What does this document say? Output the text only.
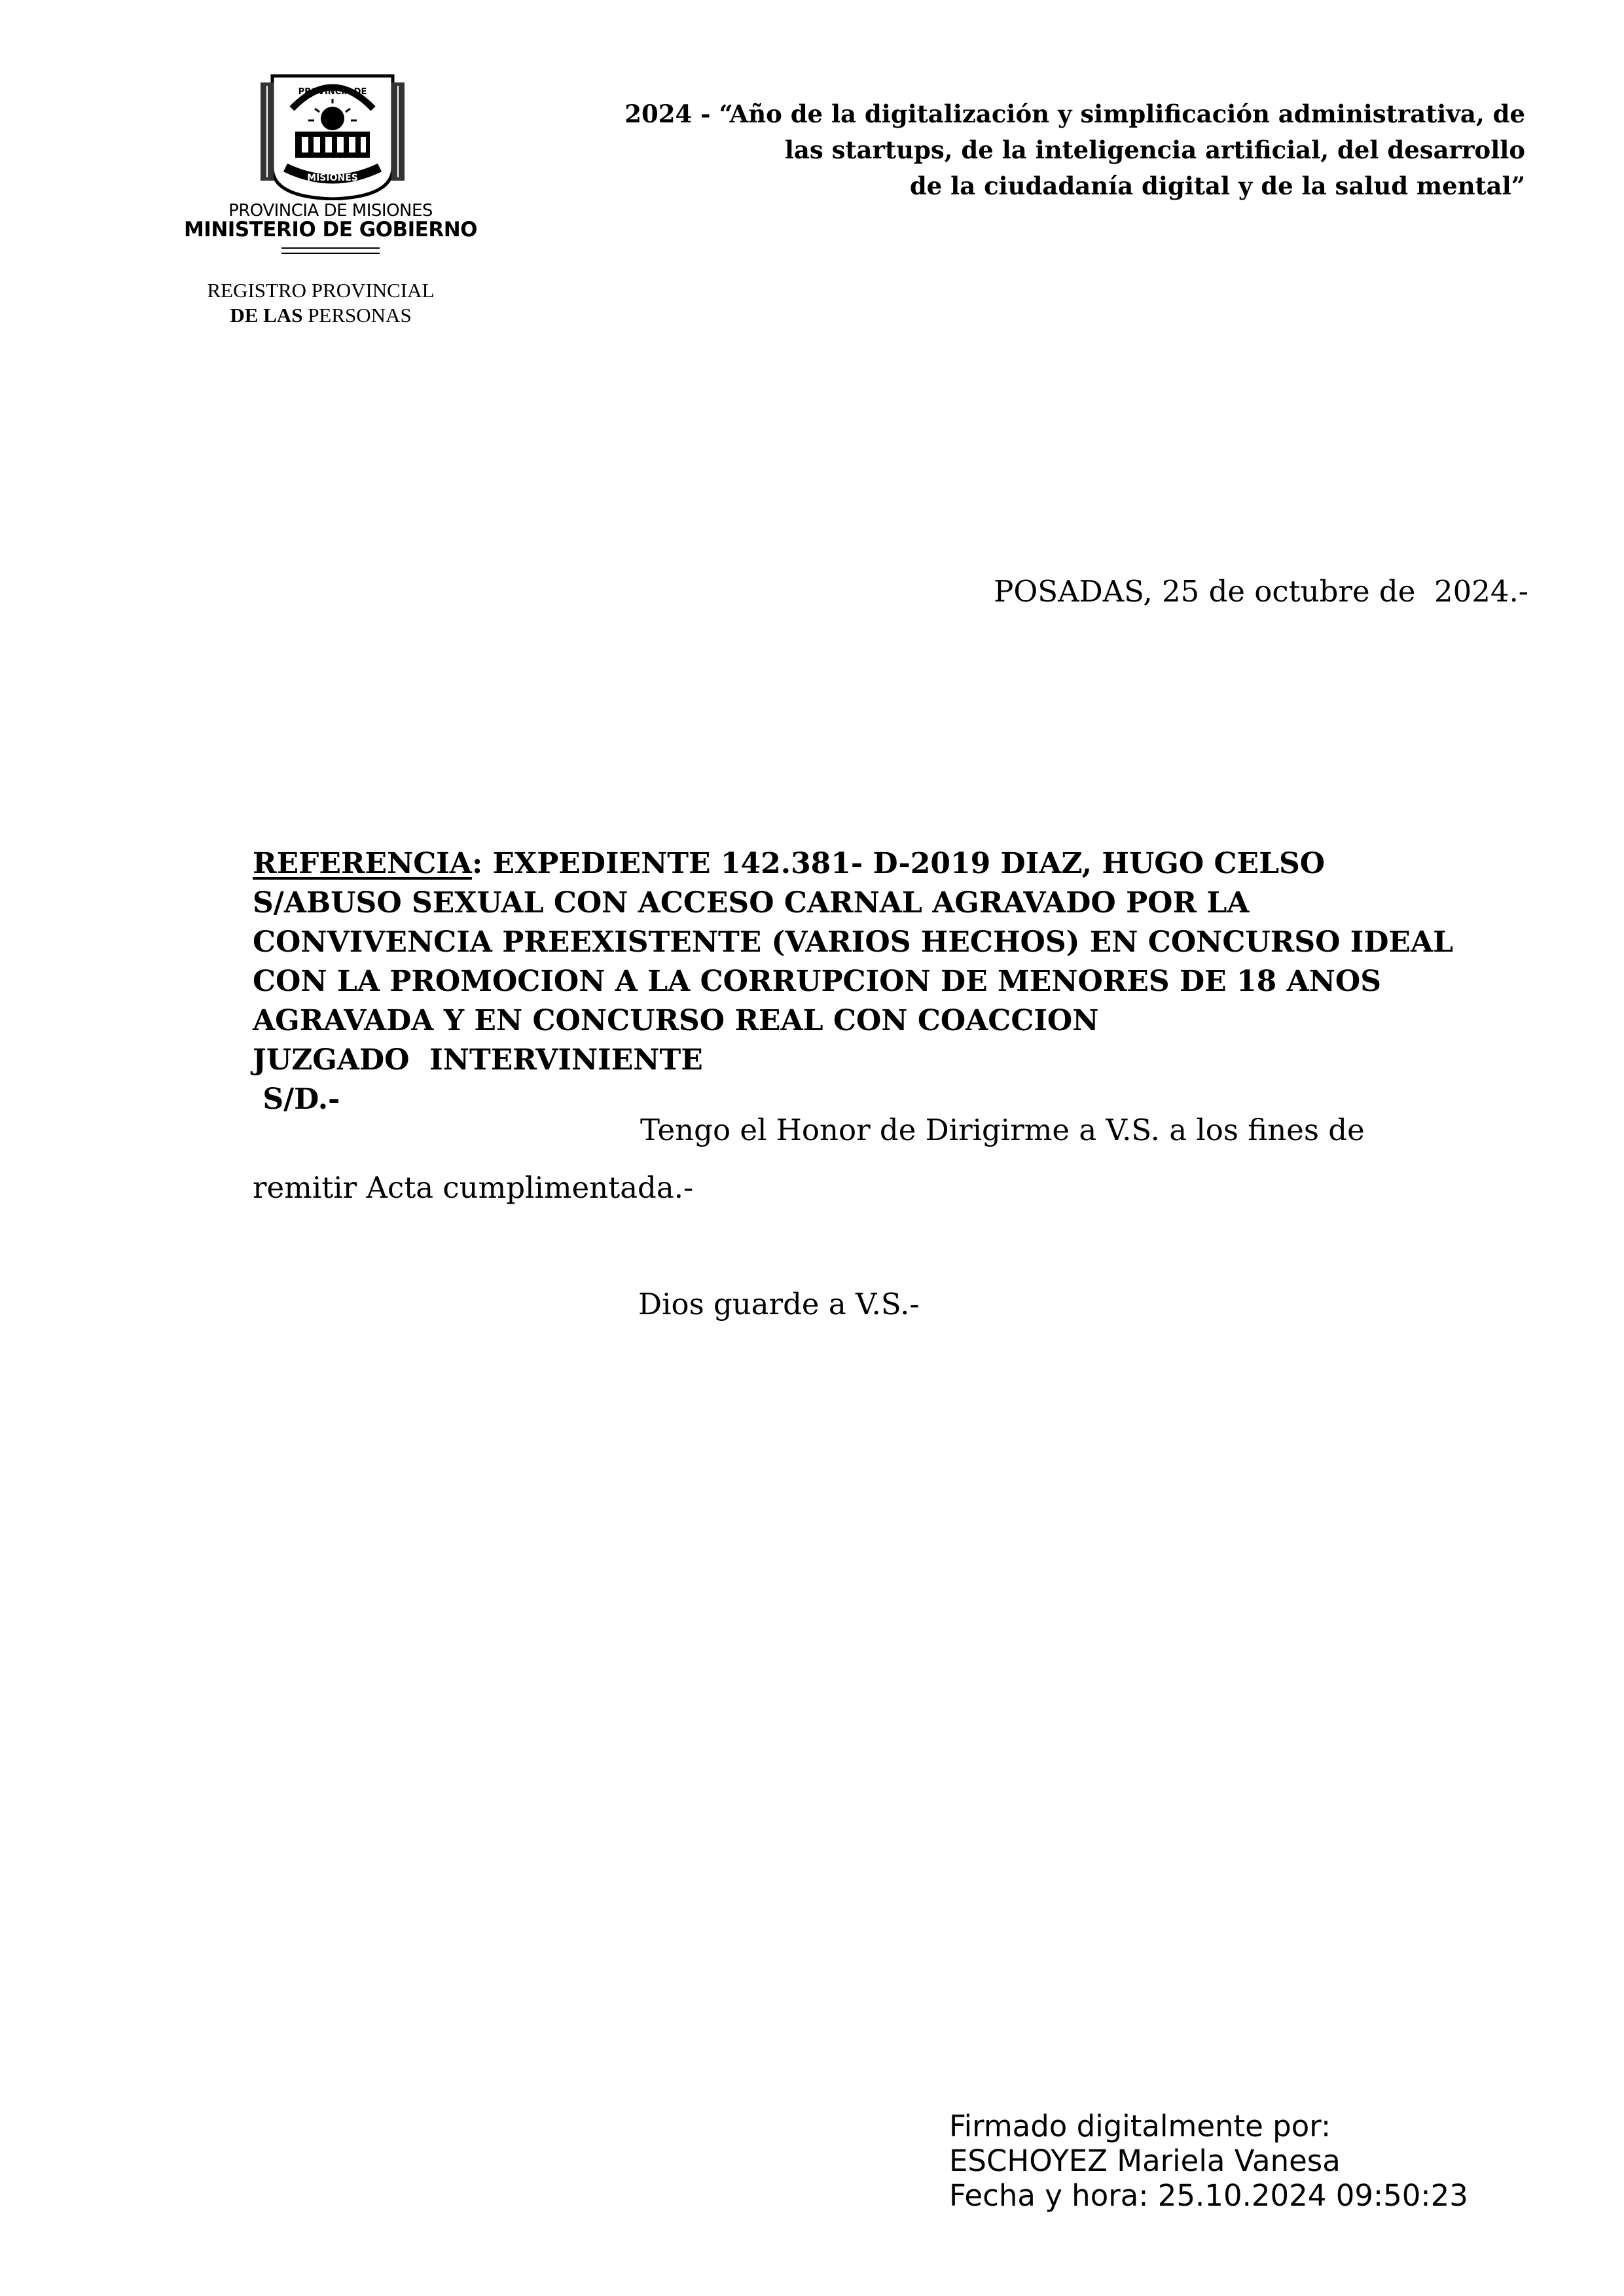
PROVINCIA DE
MISIONES
PROVINCIA DE MISIONES
MINISTERIO DE GOBIERNO
REGISTRO PROVINCIAL
DE LAS PERSONAS
2024 - “Año de la digitalización y simplificación administrativa, de
las startups, de la inteligencia artificial, del desarrollo
de la ciudadanía digital y de la salud mental”
POSADAS, 25 de octubre de  2024.-
REFERENCIA: EXPEDIENTE 142.381- D-2019 DIAZ, HUGO CELSO
S/ABUSO SEXUAL CON ACCESO CARNAL AGRAVADO POR LA
CONVIVENCIA PREEXISTENTE (VARIOS HECHOS) EN CONCURSO IDEAL
CON LA PROMOCION A LA CORRUPCION DE MENORES DE 18 ANOS
AGRAVADA Y EN CONCURSO REAL CON COACCION
JUZGADO  INTERVINIENTE
S/D.-
Tengo el Honor de Dirigirme a V.S. a los fines de
remitir Acta cumplimentada.-
Dios guarde a V.S.-
Firmado digitalmente por:
ESCHOYEZ Mariela Vanesa
Fecha y hora: 25.10.2024 09:50:23
